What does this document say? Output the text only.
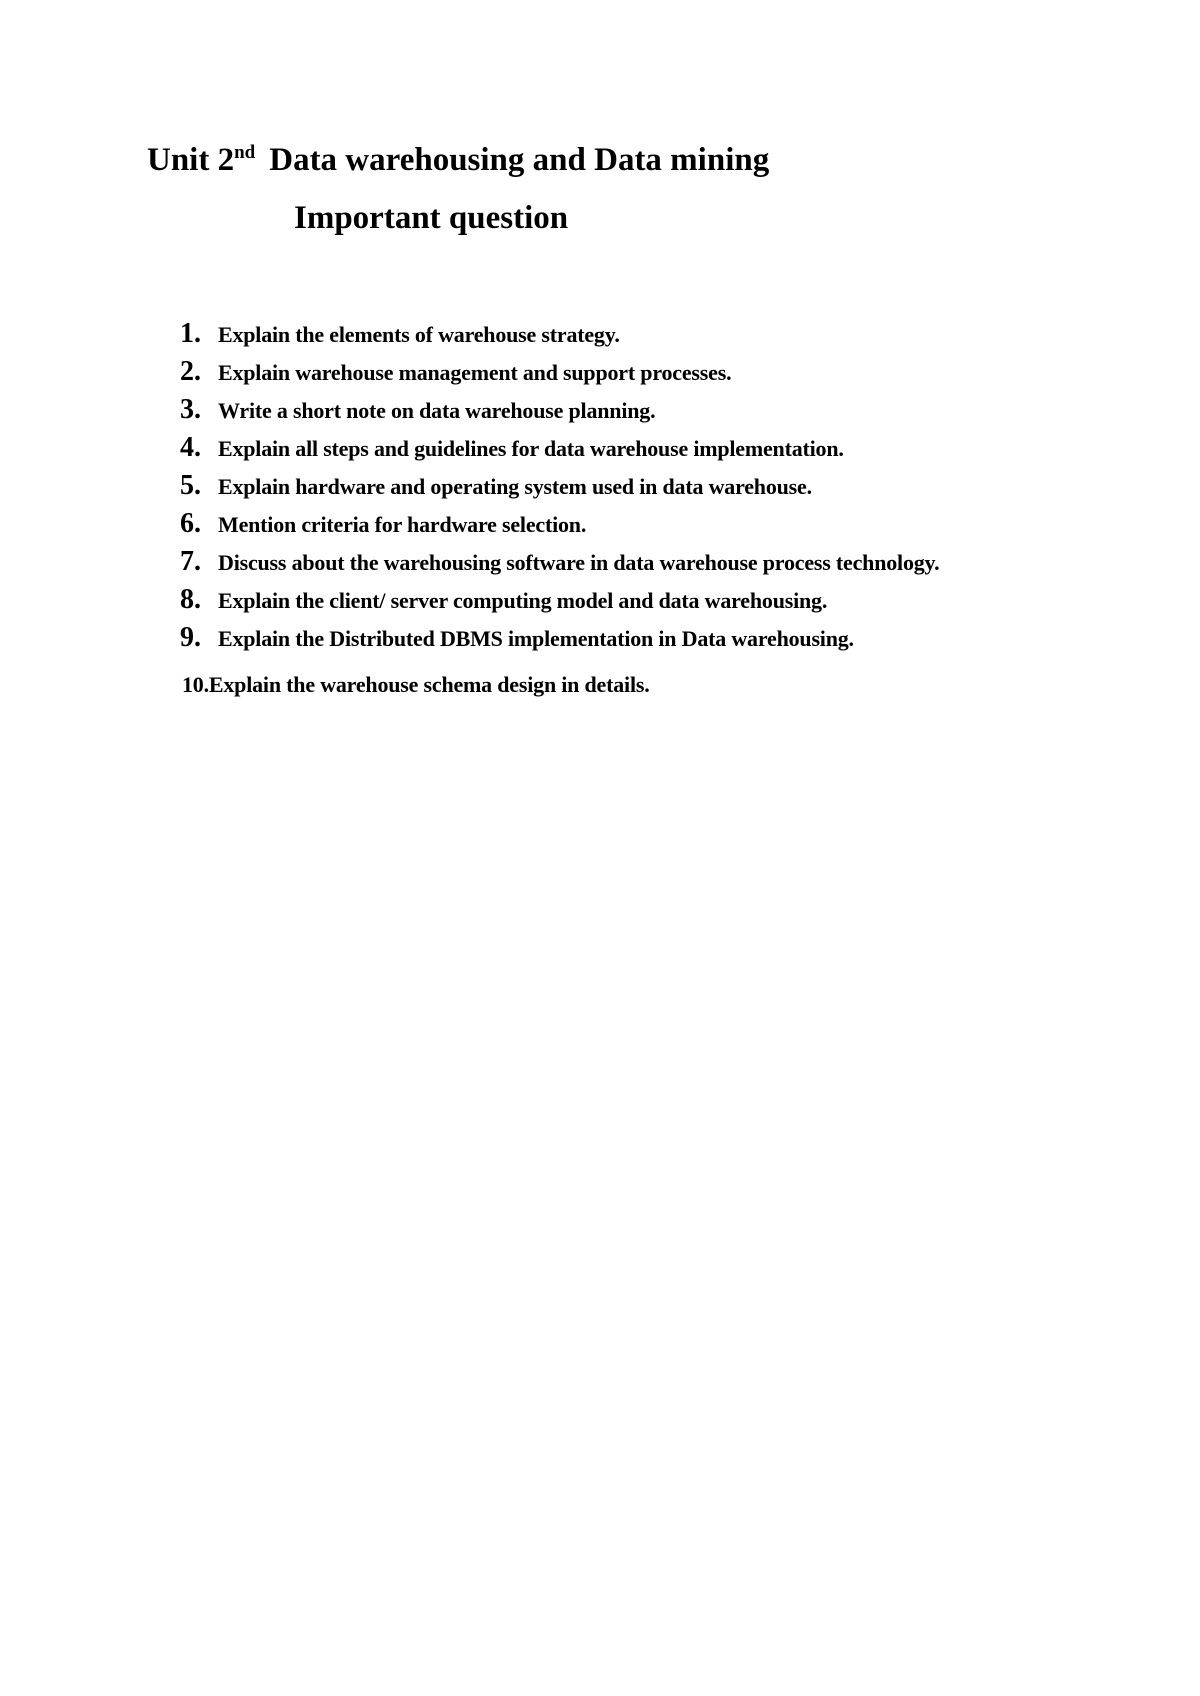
Unit 2nd Data warehousing and Data mining
Important question
1. Explain the elements of warehouse strategy.
2. Explain warehouse management and support processes.
3. Write a short note on data warehouse planning.
4. Explain all steps and guidelines for data warehouse implementation.
5. Explain hardware and operating system used in data warehouse.
6. Mention criteria for hardware selection.
7. Discuss about the warehousing software in data warehouse process technology.
8. Explain the client/ server computing model and data warehousing.
9. Explain the Distributed DBMS implementation in Data warehousing.
10.Explain the warehouse schema design in details.
